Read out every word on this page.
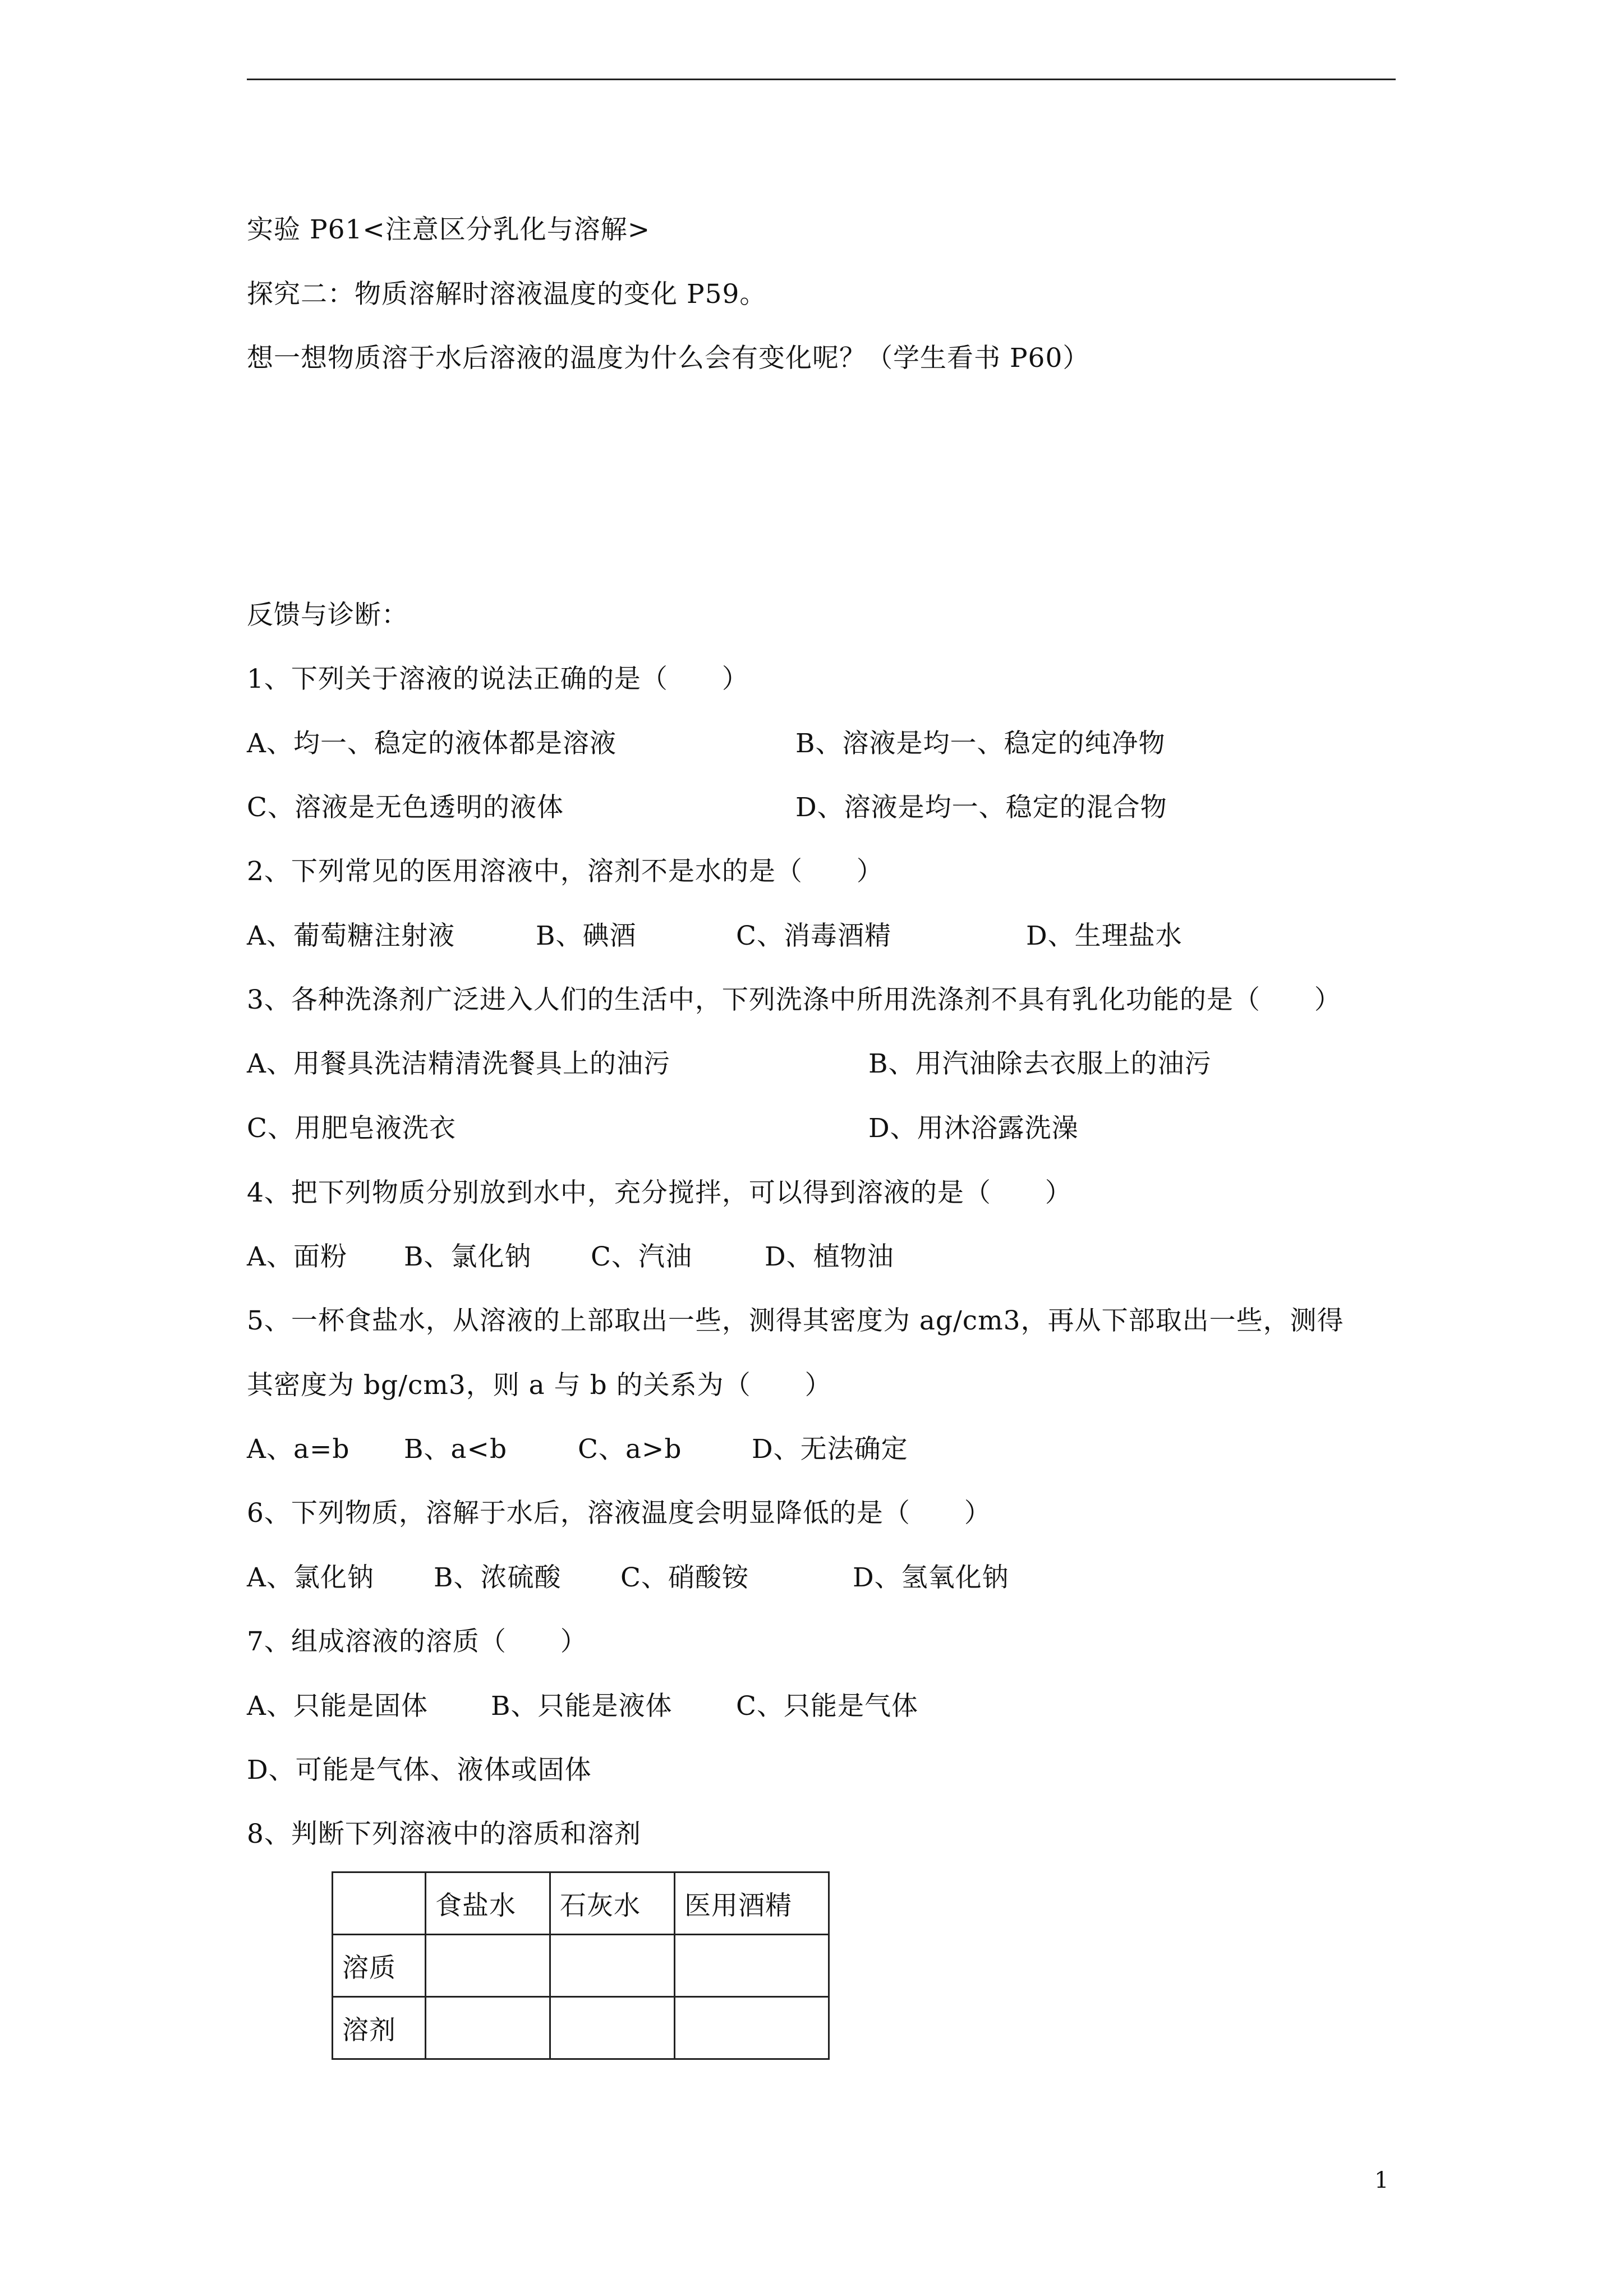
实验 P61<注意区分乳化与溶解>
探究二：物质溶解时溶液温度的变化 P59。
想一想物质溶于水后溶液的温度为什么会有变化呢？（学生看书 P60）
反馈与诊断：
1、下列关于溶液的说法正确的是（　　）
A、均一、稳定的液体都是溶液	B、溶液是均一、稳定的纯净物
C、溶液是无色透明的液体	D、溶液是均一、稳定的混合物
2、下列常见的医用溶液中，溶剂不是水的是（　　）
A、葡萄糖注射液	B、碘酒	C、消毒酒精	D、生理盐水
3、各种洗涤剂广泛进入人们的生活中，下列洗涤中所用洗涤剂不具有乳化功能的是（　　）
A、用餐具洗洁精清洗餐具上的油污	B、用汽油除去衣服上的油污
C、用肥皂液洗衣	D、用沐浴露洗澡
4、把下列物质分别放到水中，充分搅拌，可以得到溶液的是（　　）
A、面粉 B、氯化钠 C、汽油	D、植物油
5、一杯食盐水，从溶液的上部取出一些，测得其密度为 ag/cm3，再从下部取出一些，测得
其密度为 bg/cm3，则 a 与 b 的关系为（　　）
A、a=b B、a<b	C、a>b	D、无法确定
6、下列物质，溶解于水后，溶液温度会明显降低的是（　　）
A、氯化钠 B、浓硫酸 C、硝酸铵	D、氢氧化钠
7、组成溶液的溶质（　　）
A、只能是固体 B、只能是液体 C、只能是气体
D、可能是气体、液体或固体
8、判断下列溶液中的溶质和溶剂
	食盐水	石灰水	医用酒精
溶质			
溶剂			
1
